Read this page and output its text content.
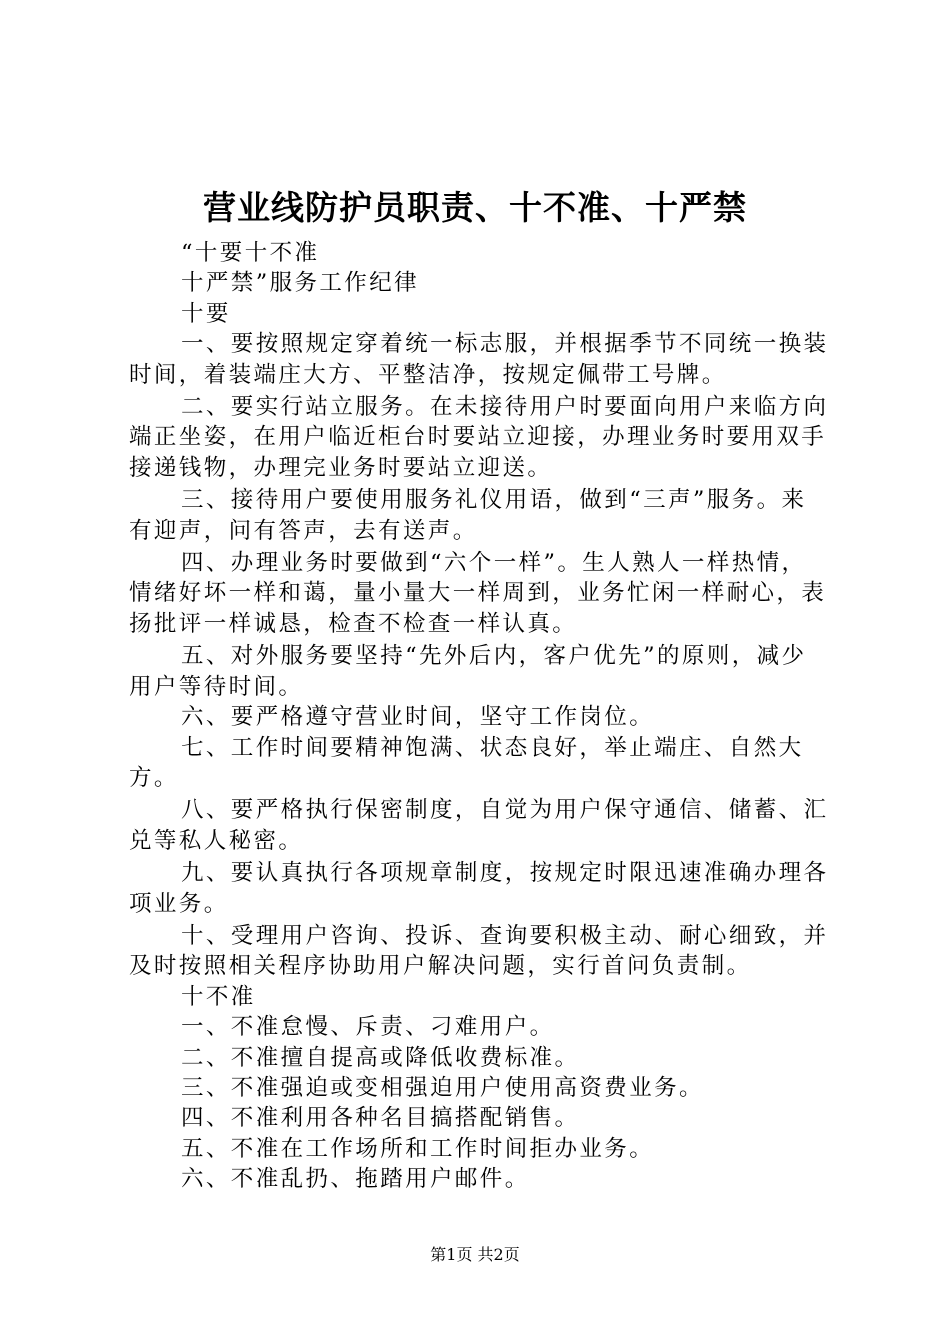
营业线防护员职责、十不准、十严禁

“十要十不准

十严禁”服务工作纪律

十要

一、要按照规定穿着统一标志服，并根据季节不同统一换装时间，着装端庄大方、平整洁净，按规定佩带工号牌。

二、要实行站立服务。在未接待用户时要面向用户来临方向端正坐姿，在用户临近柜台时要站立迎接，办理业务时要用双手接递钱物，办理完业务时要站立迎送。

三、接待用户要使用服务礼仪用语，做到“三声”服务。来有迎声，问有答声，去有送声。

四、办理业务时要做到“六个一样”。生人熟人一样热情，情绪好坏一样和蔼，量小量大一样周到，业务忙闲一样耐心，表扬批评一样诚恳，检查不检查一样认真。

五、对外服务要坚持“先外后内，客户优先”的原则，减少用户等待时间。

六、要严格遵守营业时间，坚守工作岗位。

七、工作时间要精神饱满、状态良好，举止端庄、自然大方。

八、要严格执行保密制度，自觉为用户保守通信、储蓄、汇兑等私人秘密。

九、要认真执行各项规章制度，按规定时限迅速准确办理各项业务。

十、受理用户咨询、投诉、查询要积极主动、耐心细致，并及时按照相关程序协助用户解决问题，实行首问负责制。

十不准

一、不准怠慢、斥责、刁难用户。

二、不准擅自提高或降低收费标准。

三、不准强迫或变相强迫用户使用高资费业务。

四、不准利用各种名目搞搭配销售。

五、不准在工作场所和工作时间拒办业务。

六、不准乱扔、拖踏用户邮件。

第1页 共2页
